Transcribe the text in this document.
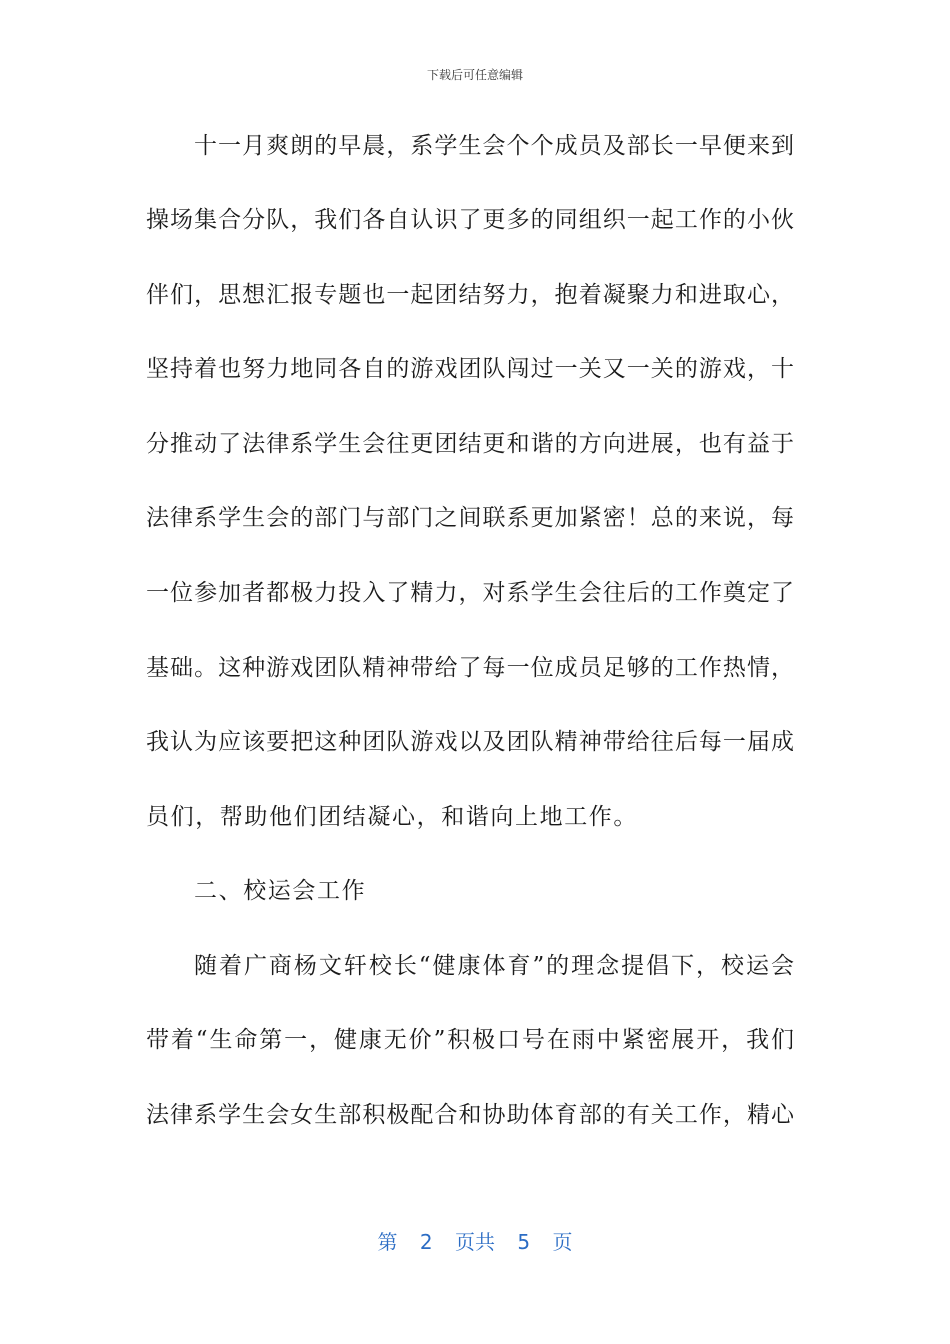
下载后可任意编辑
十一月爽朗的早晨，系学生会个个成员及部长一早便来到
操场集合分队，我们各自认识了更多的同组织一起工作的小伙
伴们，思想汇报专题也一起团结努力，抱着凝聚力和进取心，
坚持着也努力地同各自的游戏团队闯过一关又一关的游戏，十
分推动了法律系学生会往更团结更和谐的方向进展，也有益于
法律系学生会的部门与部门之间联系更加紧密！总的来说，每
一位参加者都极力投入了精力，对系学生会往后的工作奠定了
基础。这种游戏团队精神带给了每一位成员足够的工作热情，
我认为应该要把这种团队游戏以及团队精神带给往后每一届成
员们，帮助他们团结凝心，和谐向上地工作。
二、校运会工作
随着广商杨文轩校长“健康体育”的理念提倡下，校运会
带着“生命第一，健康无价”积极口号在雨中紧密展开，我们
法律系学生会女生部积极配合和协助体育部的有关工作，精心
第 2 页共 5 页
